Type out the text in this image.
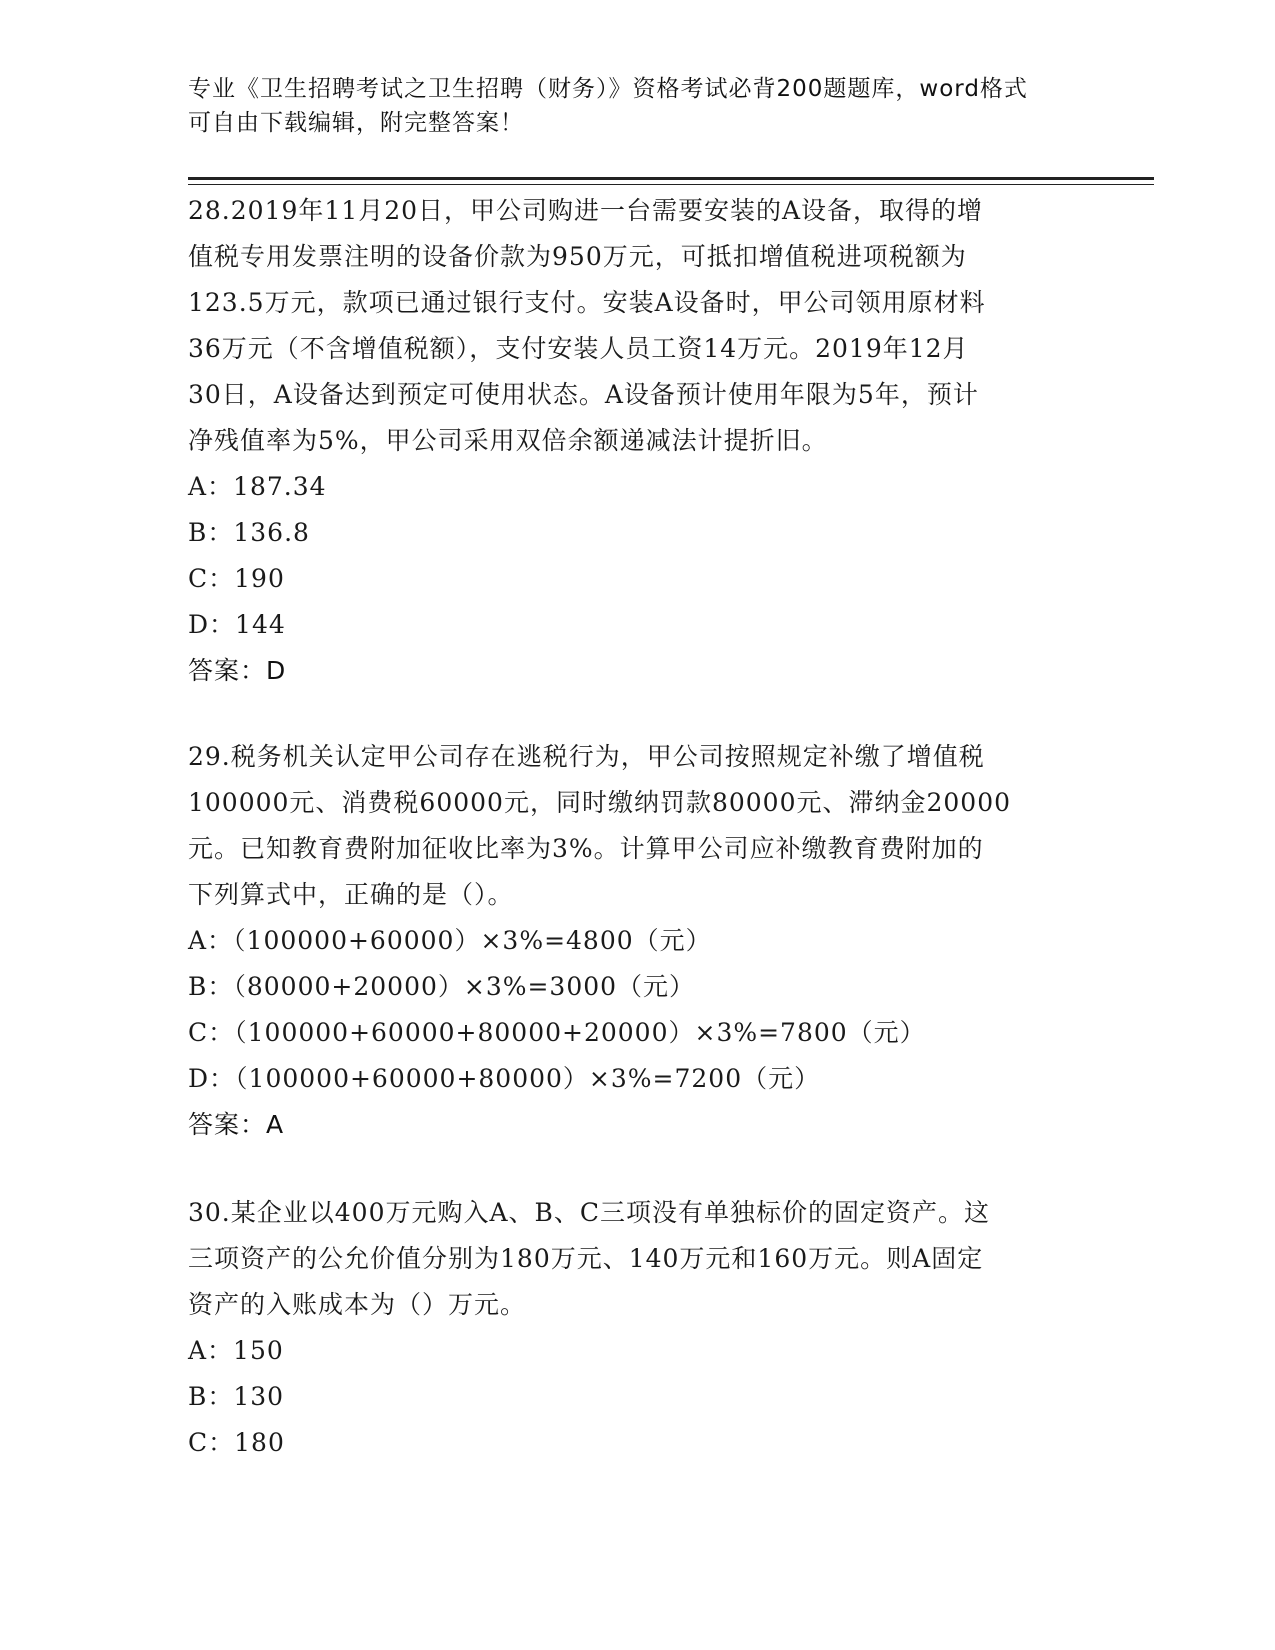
专业《卫生招聘考试之卫生招聘（财务）》资格考试必背200题题库，word格式
可自由下载编辑，附完整答案！
28.2019年11月20日，甲公司购进一台需要安装的A设备，取得的增
值税专用发票注明的设备价款为950万元，可抵扣增值税进项税额为
123.5万元，款项已通过银行支付。安装A设备时，甲公司领用原材料
36万元（不含增值税额），支付安装人员工资14万元。2019年12月
30日，A设备达到预定可使用状态。A设备预计使用年限为5年，预计
净残值率为5%，甲公司采用双倍余额递减法计提折旧。
A：187.34
B：136.8
C：190
D：144
答案：D
29.税务机关认定甲公司存在逃税行为，甲公司按照规定补缴了增值税
100000元、消费税60000元，同时缴纳罚款80000元、滞纳金20000
元。已知教育费附加征收比率为3%。计算甲公司应补缴教育费附加的
下列算式中，正确的是（）。
A：（100000+60000）×3%=4800（元）
B：（80000+20000）×3%=3000（元）
C：（100000+60000+80000+20000）×3%=7800（元）
D：（100000+60000+80000）×3%=7200（元）
答案：A
30.某企业以400万元购入A、B、C三项没有单独标价的固定资产。这
三项资产的公允价值分别为180万元、140万元和160万元。则A固定
资产的入账成本为（）万元。
A：150
B：130
C：180
